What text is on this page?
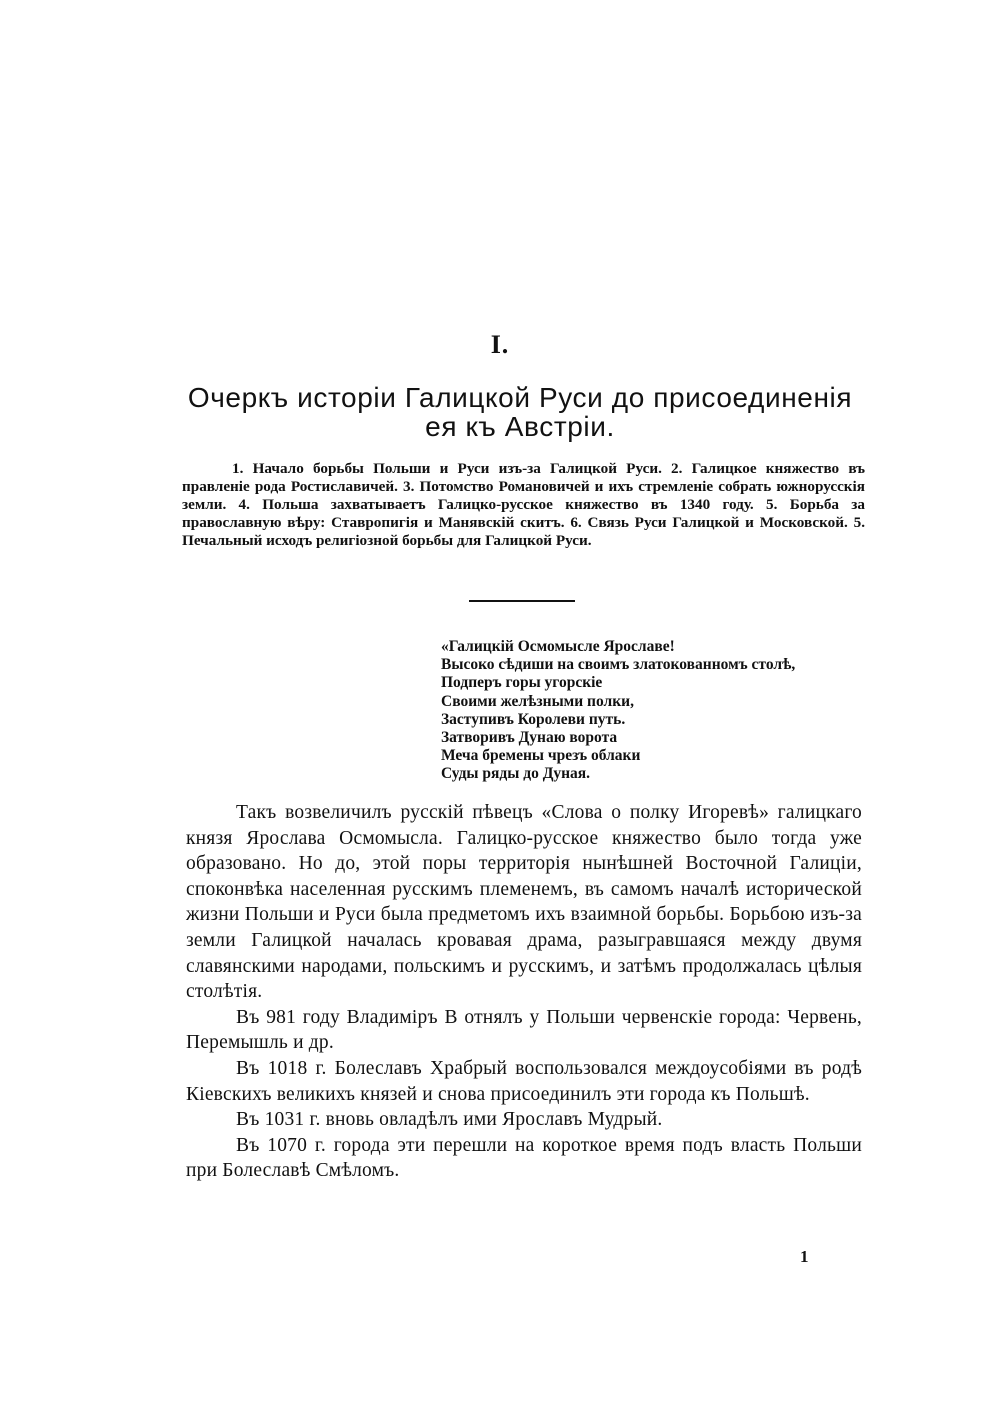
I.
Очеркъ исторіи Галицкой Руси до присоединенія
ея къ Австріи.
1. Начало борьбы Польши и Руси изъ-за Галицкой Руси. 2. Галицкое княжество въ правленіе рода Ростиславичей. 3. Потомство Романовичей и ихъ стремленіе собрать южнорусскія земли. 4. Польша захватываетъ Галицко-русское княжество въ 1340 году. 5. Борьба за православную вѣру: Ставропигія и Манявскій скитъ. 6. Связь Руси Галицкой и Московской. 5. Печальный исходъ религіозной борьбы для Галицкой Руси.
«Галицкій Осмомысле Ярославе!
Высоко сѣдиши на своимъ златокованномъ столѣ,
Подперъ горы угорскіе
Своими желѣзными полки,
Заступивъ Королеви путь.
Затворивъ Дунаю ворота
Меча бремены чрезъ облаки
Суды ряды до Дуная.

Такъ возвеличилъ русскій пѣвецъ «Слова о полку Игоревѣ» галицкаго князя Ярослава Осмомысла. Галицко-русское княжество было тогда уже образовано. Но до, этой поры территорія нынѣшней Восточной Галиціи, споконвѣка населенная русскимъ племенемъ, въ самомъ началѣ исторической жизни Польши и Руси была предметомъ ихъ взаимной борьбы. Борьбою изъ-за земли Галицкой началась кровавая драма, разыгравшаяся между двумя славянскими народами, польскимъ и русскимъ, и затѣмъ продолжалась цѣлыя столѣтія.

Въ 981 году Владиміръ В отнялъ у Польши червенскіе города: Червень, Перемышль и др.

Въ 1018 г. Болеславъ Храбрый воспользовался междоусобіями въ родѣ Кіевскихъ великихъ князей и снова присоединилъ эти города къ Польшѣ.

Въ 1031 г. вновь овладѣлъ ими Ярославъ Мудрый.

Въ 1070 г. города эти перешли на короткое время подъ власть Польши при Болеславѣ Смѣломъ.

1
